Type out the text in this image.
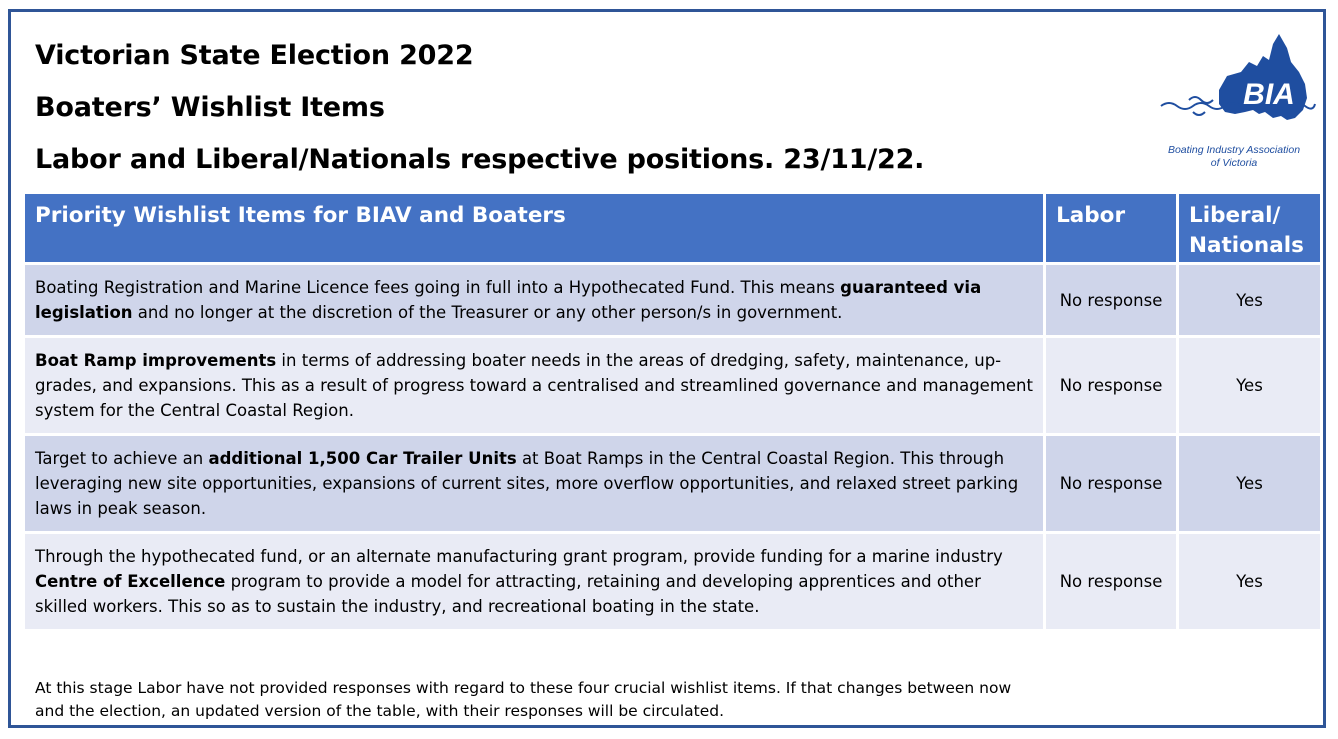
Victorian State Election 2022
Boaters’ Wishlist Items
Labor and Liberal/Nationals respective positions. 23/11/22.
BIA
Boating Industry Association
of Victoria
Priority Wishlist Items for BIAV and Boaters	Labor	Liberal/
Nationals

Boating Registration and Marine Licence fees going in full into a Hypothecated Fund. This means guaranteed via legislation and no longer at the discretion of the Treasurer or any other person/s in government.	No response	Yes
Boat Ramp improvements in terms of addressing boater needs in the areas of dredging, safety, maintenance, up-grades, and expansions. This as a result of progress toward a centralised and streamlined governance and management system for the Central Coastal Region.	No response	Yes
Target to achieve an additional 1,500 Car Trailer Units at Boat Ramps in the Central Coastal Region. This through leveraging new site opportunities, expansions of current sites, more overflow opportunities, and relaxed street parking laws in peak season.	No response	Yes
Through the hypothecated fund, or an alternate manufacturing grant program, provide funding for a marine industry Centre of Excellence program to provide a model for attracting, retaining and developing apprentices and other skilled workers. This so as to sustain the industry, and recreational boating in the state.	No response	Yes
At this stage Labor have not provided responses with regard to these four crucial wishlist items. If that changes between now and the election, an updated version of the table, with their responses will be circulated.
